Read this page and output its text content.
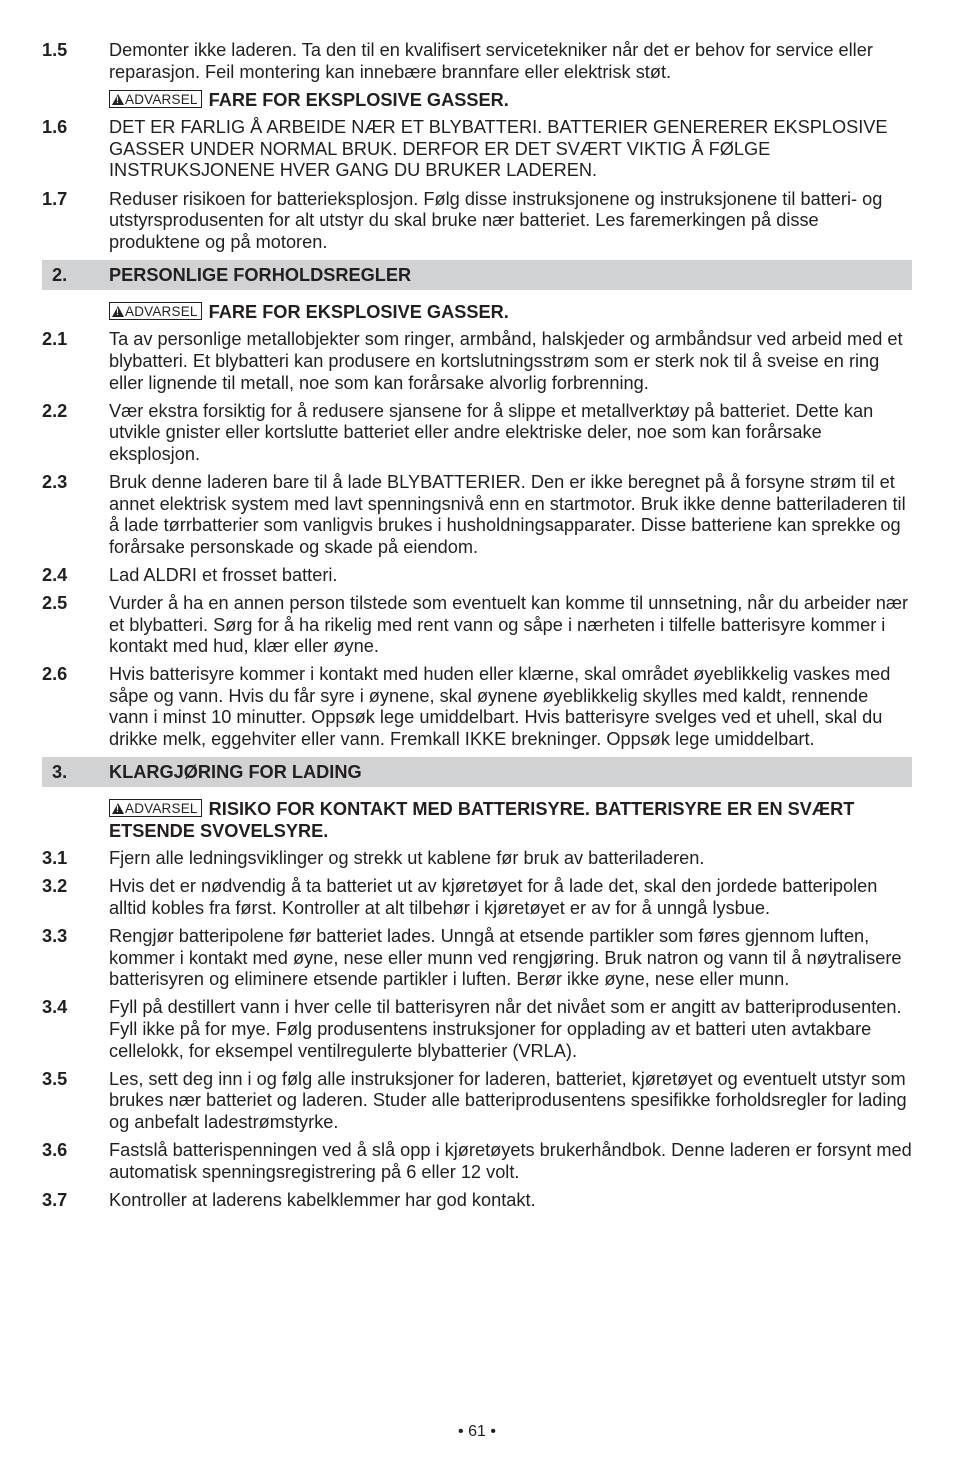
1.5	Demonter ikke laderen. Ta den til en kvalifisert servicetekniker når det er behov for service eller reparasjon. Feil montering kan innebære brannfare eller elektrisk støt.
!ADVARSEL FARE FOR EKSPLOSIVE GASSER.
1.6	DET ER FARLIG Å ARBEIDE NÆR ET BLYBATTERI. BATTERIER GENERERER EKSPLOSIVE GASSER UNDER NORMAL BRUK. DERFOR ER DET SVÆRT VIKTIG Å FØLGE INSTRUKSJONENE HVER GANG DU BRUKER LADEREN.
1.7	Reduser risikoen for batterieksplosjon. Følg disse instruksjonene og instruksjonene til batteri- og utstyrsprodusenten for alt utstyr du skal bruke nær batteriet. Les faremerkingen på disse produktene og på motoren.
2.	PERSONLIGE FORHOLDSREGLER
!ADVARSEL FARE FOR EKSPLOSIVE GASSER.
2.1	Ta av personlige metallobjekter som ringer, armbånd, halskjeder og armbåndsur ved arbeid med et blybatteri. Et blybatteri kan produsere en kortslutningsstrøm som er sterk nok til å sveise en ring eller lignende til metall, noe som kan forårsake alvorlig forbrenning.
2.2	Vær ekstra forsiktig for å redusere sjansene for å slippe et metallverktøy på batteriet. Dette kan utvikle gnister eller kortslutte batteriet eller andre elektriske deler, noe som kan forårsake eksplosjon.
2.3	Bruk denne laderen bare til å lade BLYBATTERIER. Den er ikke beregnet på å forsyne strøm til et annet elektrisk system med lavt spenningsnivå enn en startmotor. Bruk ikke denne batteriladeren til å lade tørrbatterier som vanligvis brukes i husholdningsapparater. Disse batteriene kan sprekke og forårsake personskade og skade på eiendom.
2.4	Lad ALDRI et frosset batteri.
2.5	Vurder å ha en annen person tilstede som eventuelt kan komme til unnsetning, når du arbeider nær et blybatteri. Sørg for å ha rikelig med rent vann og såpe i nærheten i tilfelle batterisyre kommer i kontakt med hud, klær eller øyne.
2.6	Hvis batterisyre kommer i kontakt med huden eller klærne, skal området øyeblikkelig vaskes med såpe og vann. Hvis du får syre i øynene, skal øynene øyeblikkelig skylles med kaldt, rennende vann i minst 10 minutter. Oppsøk lege umiddelbart. Hvis batterisyre svelges ved et uhell, skal du drikke melk, eggehviter eller vann. Fremkall IKKE brekninger. Oppsøk lege umiddelbart.
3.	KLARGJØRING FOR LADING
!ADVARSEL RISIKO FOR KONTAKT MED BATTERISYRE. BATTERISYRE ER EN SVÆRT ETSENDE SVOVELSYRE.
3.1	Fjern alle ledningsviklinger og strekk ut kablene før bruk av batteriladeren.
3.2	Hvis det er nødvendig å ta batteriet ut av kjøretøyet for å lade det, skal den jordede batteripolen alltid kobles fra først. Kontroller at alt tilbehør i kjøretøyet er av for å unngå lysbue.
3.3	Rengjør batteripolene før batteriet lades. Unngå at etsende partikler som føres gjennom luften, kommer i kontakt med øyne, nese eller munn ved rengjøring. Bruk natron og vann til å nøytralisere batterisyren og eliminere etsende partikler i luften. Berør ikke øyne, nese eller munn.
3.4	Fyll på destillert vann i hver celle til batterisyren når det nivået som er angitt av batteriprodusenten. Fyll ikke på for mye. Følg produsentens instruksjoner for opplading av et batteri uten avtakbare cellelokk, for eksempel ventilregulerte blybatterier (VRLA).
3.5	Les, sett deg inn i og følg alle instruksjoner for laderen, batteriet, kjøretøyet og eventuelt utstyr som brukes nær batteriet og laderen. Studer alle batteriprodusentens spesifikke forholdsregler for lading og anbefalt ladestrømstyrke.
3.6	Fastslå batterispenningen ved å slå opp i kjøretøyets brukerhåndbok. Denne laderen er forsynt med automatisk spenningsregistrering på 6 eller 12 volt.
3.7	Kontroller at laderens kabelklemmer har god kontakt.
• 61 •
